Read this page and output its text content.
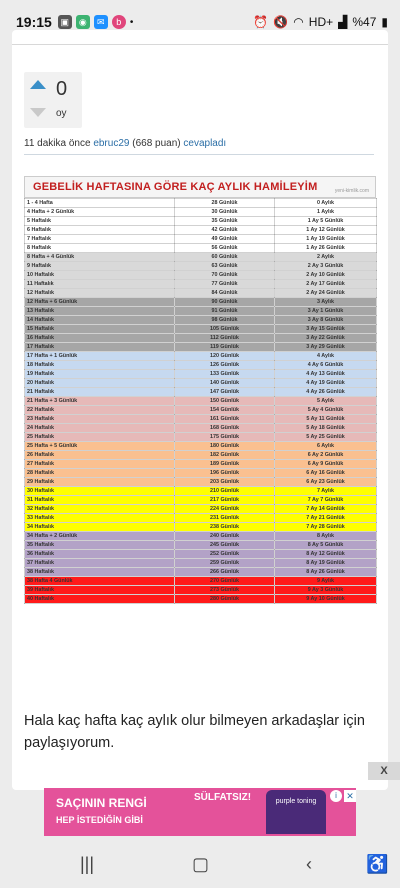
19:15 ▣	◉	✉	b •	⏰ 🔇 ◠ HD+ ▟ %47 ▮
0
oy
11 dakika önce ebruc29 (668 puan) cevapladı
GEBELİK HAFTASINA GÖRE KAÇ AYLIK HAMİLEYİM	yeni-kimlik.com
1 - 4 Hafta	28 Günlük	0 Aylık
4 Hafta + 2 Günlük	30 Günlük	1 Aylık
5 Haftalık	35 Günlük	1 Ay 5 Günlük
6 Haftalık	42 Günlük	1 Ay 12 Günlük
7 Haftalık	49 Günlük	1 Ay 19 Günlük
8 Haftalık	56 Günlük	1 Ay 26 Günlük
8 Hafta + 4 Günlük	60 Günlük	2 Aylık
9 Haftalık	63 Günlük	2 Ay 3 Günlük
10 Haftalık	70 Günlük	2 Ay 10 Günlük
11 Haftalık	77 Günlük	2 Ay 17 Günlük
12 Haftalık	84 Günlük	2 Ay 24 Günlük
12 Hafta + 6 Günlük	90 Günlük	3 Aylık
13 Haftalık	91 Günlük	3 Ay 1 Günlük
14 Haftalık	98 Günlük	3 Ay 8 Günlük
15 Haftalık	105 Günlük	3 Ay 15 Günlük
16 Haftalık	112 Günlük	3 Ay 22 Günlük
17 Haftalık	119 Günlük	3 Ay 29 Günlük
17 Hafta + 1 Günlük	120 Günlük	4 Aylık
18 Haftalık	126 Günlük	4 Ay 6 Günlük
19 Haftalık	133 Günlük	4 Ay 13 Günlük
20 Haftalık	140 Günlük	4 Ay 19 Günlük
21 Haftalık	147 Günlük	4 Ay 26 Günlük
21 Hafta + 3 Günlük	150 Günlük	5 Aylık
22 Haftalık	154 Günlük	5 Ay 4 Günlük
23 Haftalık	161 Günlük	5 Ay 11 Günlük
24 Haftalık	168 Günlük	5 Ay 18 Günlük
25 Haftalık	175 Günlük	5 Ay 25 Günlük
25 Hafta + 5 Günlük	180 Günlük	6 Aylık
26 Haftalık	182 Günlük	6 Ay 2 Günlük
27 Haftalık	189 Günlük	6 Ay 9 Günlük
28 Haftalık	196 Günlük	6 Ay 16 Günlük
29 Haftalık	203 Günlük	6 Ay 23 Günlük
30 Haftalık	210 Günlük	7 Aylık
31 Haftalık	217 Günlük	7 Ay 7 Günlük
32 Haftalık	224 Günlük	7 Ay 14 Günlük
33 Haftalık	231 Günlük	7 Ay 21 Günlük
34 Haftalık	238 Günlük	7 Ay 28 Günlük
34 Hafta + 2 Günlük	240 Günlük	8 Aylık
35 Haftalık	245 Günlük	8 Ay 5 Günlük
36 Haftalık	252 Günlük	8 Ay 12 Günlük
37 Haftalık	259 Günlük	8 Ay 19 Günlük
38 Haftalık	266 Günlük	8 Ay 26 Günlük
38 Hafta 4 Günlük	270 Günlük	9 Aylık
39 Haftalık	273 Günlük	9 Ay 3 Günlük
40 Haftalık	280 Günlük	9 Ay 10 Günlük
Hala kaç hafta kaç aylık olur bilmeyen arkadaşlar için paylaşıyorum.
X
SAÇININ RENGİ
HEP İSTEDİĞİN GİBİ
SÜLFATSIZ!	purple toning
i	✕
|||	▢	‹	♿
